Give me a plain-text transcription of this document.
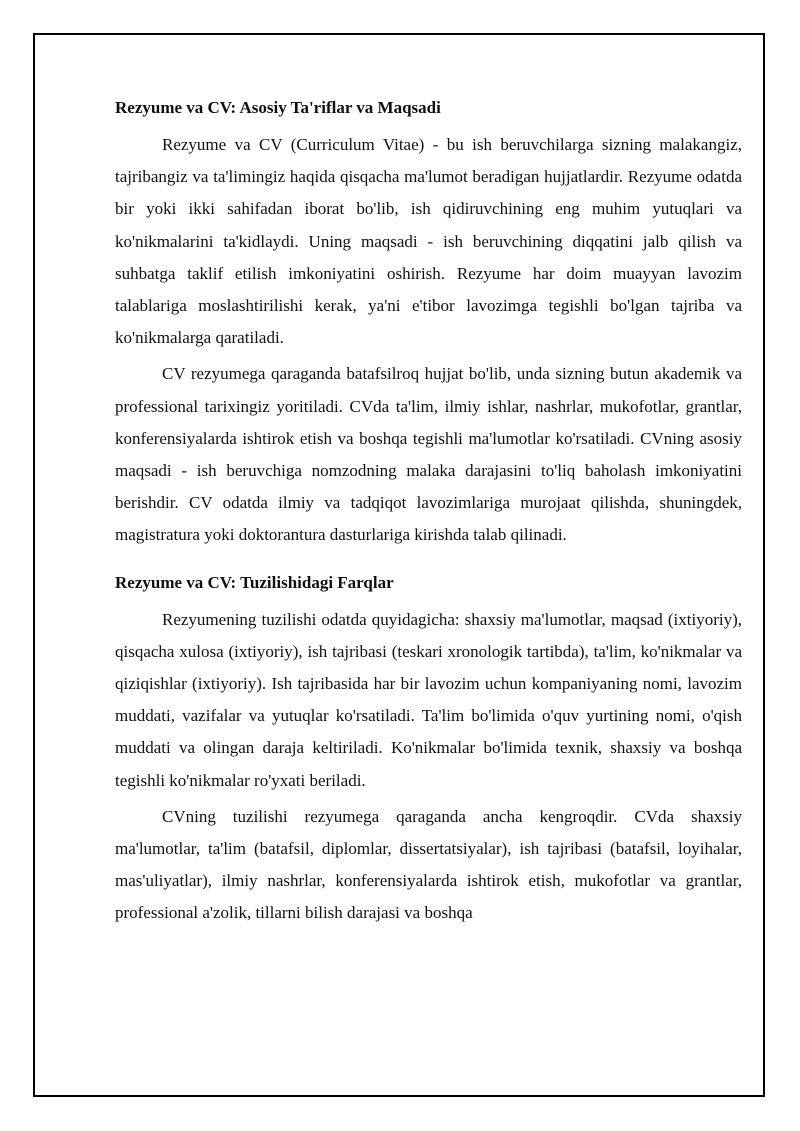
Rezyume va CV: Asosiy Ta'riflar va Maqsadi

Rezyume va CV (Curriculum Vitae) - bu ish beruvchilarga sizning malakangiz, tajribangiz va ta'limingiz haqida qisqacha ma'lumot beradigan hujjatlardir. Rezyume odatda bir yoki ikki sahifadan iborat bo'lib, ish qidiruvchining eng muhim yutuqlari va ko'nikmalarini ta'kidlaydi. Uning maqsadi - ish beruvchining diqqatini jalb qilish va suhbatga taklif etilish imkoniyatini oshirish. Rezyume har doim muayyan lavozim talablariga moslashtirilishi kerak, ya'ni e'tibor lavozimga tegishli bo'lgan tajriba va ko'nikmalarga qaratiladi.

CV rezyumega qaraganda batafsilroq hujjat bo'lib, unda sizning butun akademik va professional tarixingiz yoritiladi. CVda ta'lim, ilmiy ishlar, nashrlar, mukofotlar, grantlar, konferensiyalarda ishtirok etish va boshqa tegishli ma'lumotlar ko'rsatiladi. CVning asosiy maqsadi - ish beruvchiga nomzodning malaka darajasini to'liq baholash imkoniyatini berishdir. CV odatda ilmiy va tadqiqot lavozimlariga murojaat qilishda, shuningdek, magistratura yoki doktorantura dasturlariga kirishda talab qilinadi.

Rezyume va CV: Tuzilishidagi Farqlar

Rezyumening tuzilishi odatda quyidagicha: shaxsiy ma'lumotlar, maqsad (ixtiyoriy), qisqacha xulosa (ixtiyoriy), ish tajribasi (teskari xronologik tartibda), ta'lim, ko'nikmalar va qiziqishlar (ixtiyoriy). Ish tajribasida har bir lavozim uchun kompaniyaning nomi, lavozim muddati, vazifalar va yutuqlar ko'rsatiladi. Ta'lim bo'limida o'quv yurtining nomi, o'qish muddati va olingan daraja keltiriladi. Ko'nikmalar bo'limida texnik, shaxsiy va boshqa tegishli ko'nikmalar ro'yxati beriladi.

CVning tuzilishi rezyumega qaraganda ancha kengroqdir. CVda shaxsiy ma'lumotlar, ta'lim (batafsil, diplomlar, dissertatsiyalar), ish tajribasi (batafsil, loyihalar, mas'uliyatlar), ilmiy nashrlar, konferensiyalarda ishtirok etish, mukofotlar va grantlar, professional a'zolik, tillarni bilish darajasi va boshqa
